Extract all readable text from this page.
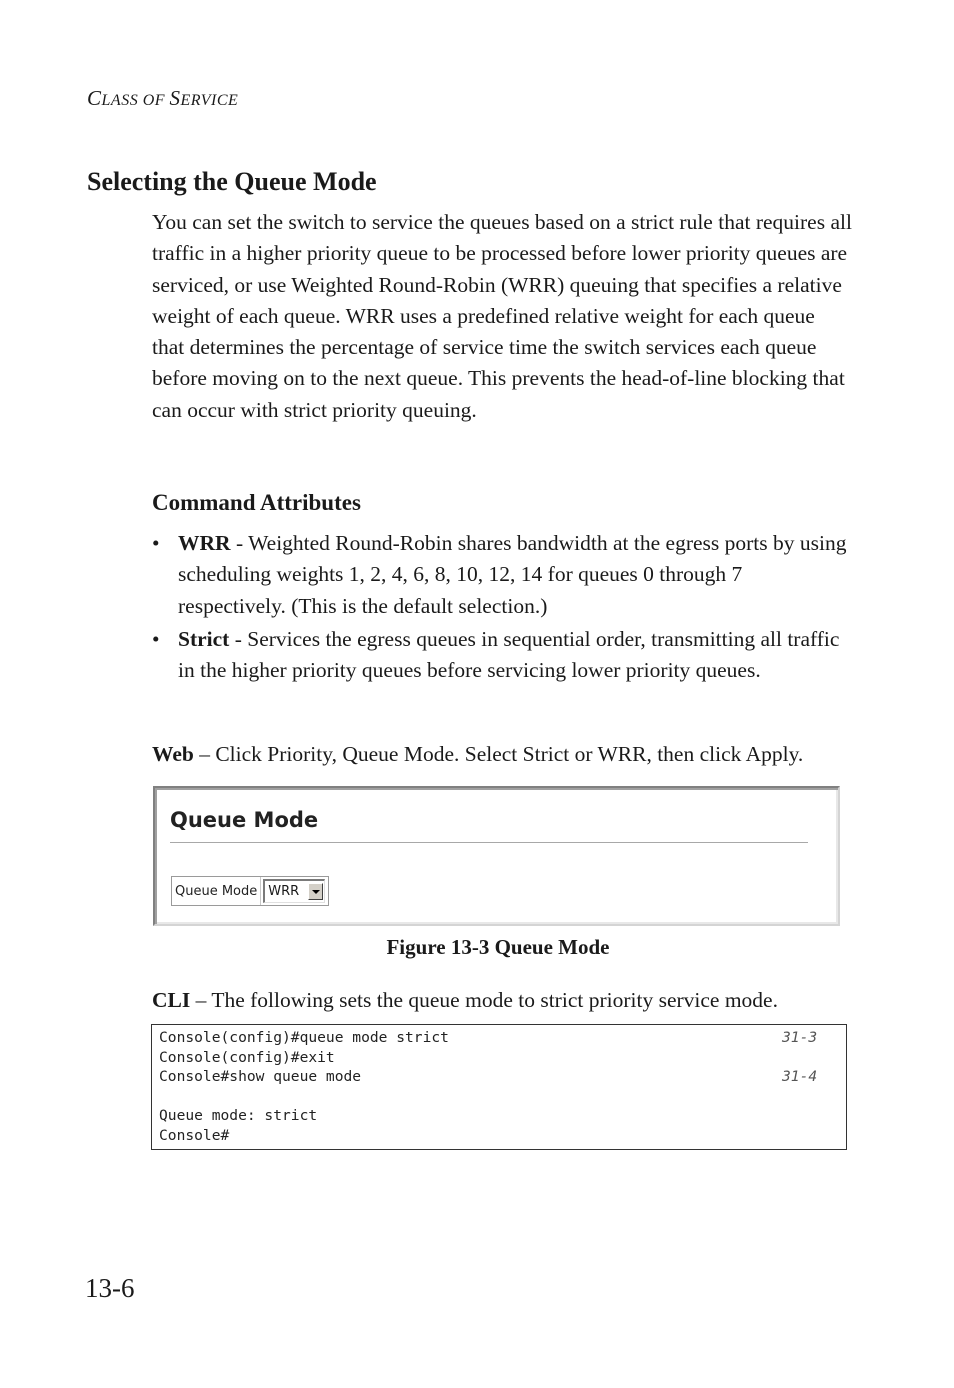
CLASS OF SERVICE
Selecting the Queue Mode

You can set the switch to service the queues based on a strict rule that requires all traffic in a higher priority queue to be processed before lower priority queues are serviced, or use Weighted Round-Robin (WRR) queuing that specifies a relative weight of each queue. WRR uses a predefined relative weight for each queue that determines the percentage of service time the switch services each queue before moving on to the next queue. This prevents the head-of-line blocking that can occur with strict priority queuing.

Command Attributes
• WRR - Weighted Round-Robin shares bandwidth at the egress ports by using scheduling weights 1, 2, 4, 6, 8, 10, 12, 14 for queues 0 through 7 respectively. (This is the default selection.)
• Strict - Services the egress queues in sequential order, transmitting all traffic in the higher priority queues before servicing lower priority queues.

Web – Click Priority, Queue Mode. Select Strict or WRR, then click Apply.

Queue Mode
Queue Mode WRR

Figure 13-3 Queue Mode

CLI – The following sets the queue mode to strict priority service mode.

Console(config)#queue mode strict	31-3
Console(config)#exit
Console#show queue mode	31-4
Queue mode: strict
Console#

13-6
